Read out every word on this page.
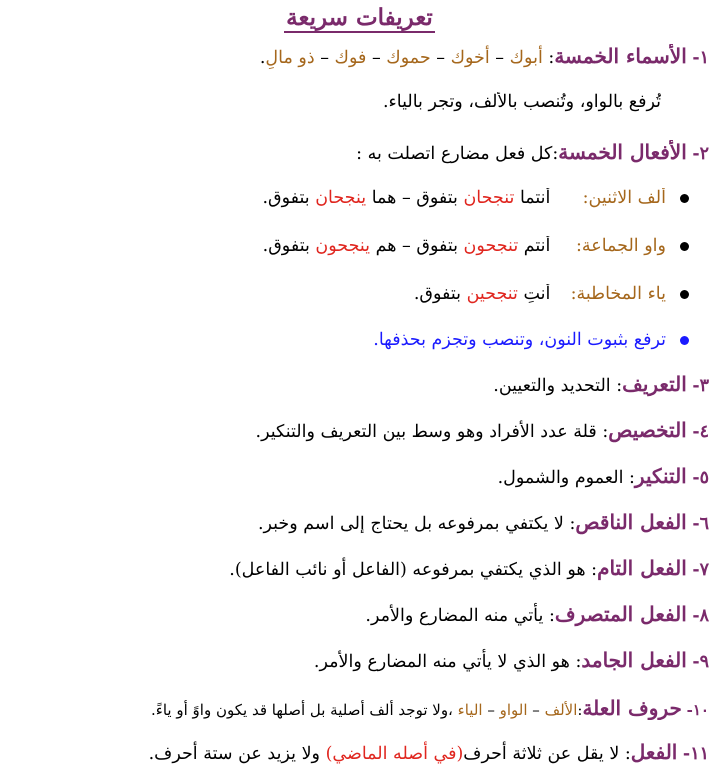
تعريفات سريعة
١- الأسماء الخمسة: أبوك – أخوك – حموك – فوك – ذو مالٍ.
تُرفع بالواو، وتُنصب بالألف، وتجر بالياء.
٢- الأفعال الخمسة:كل فعل مضارع اتصلت به :
ألف الاثنين: أنتما تنجحان بتفوق – هما ينجحان بتفوق.
واو الجماعة: أنتم تنجحون بتفوق – هم ينجحون بتفوق.
ياء المخاطبة: أنتِ تنجحين بتفوق.
ترفع بثبوت النون، وتنصب وتجزم بحذفها.
٣- التعريف: التحديد والتعيين.
٤- التخصيص: قلة عدد الأفراد وهو وسط بين التعريف والتنكير.
٥- التنكير: العموم والشمول.
٦- الفعل الناقص: لا يكتفي بمرفوعه بل يحتاج إلى اسم وخبر.
٧- الفعل التام: هو الذي يكتفي بمرفوعه (الفاعل أو نائب الفاعل).
٨- الفعل المتصرف: يأتي منه المضارع والأمر.
٩- الفعل الجامد: هو الذي لا يأتي منه المضارع والأمر.
١٠- حروف العلة:الألف – الواو – الياء ،ولا توجد ألف أصلية بل أصلها قد يكون واوً أو ياءً.
١١- الفعل: لا يقل عن ثلاثة أحرف(في أصله الماضي) ولا يزيد عن ستة أحرف.
